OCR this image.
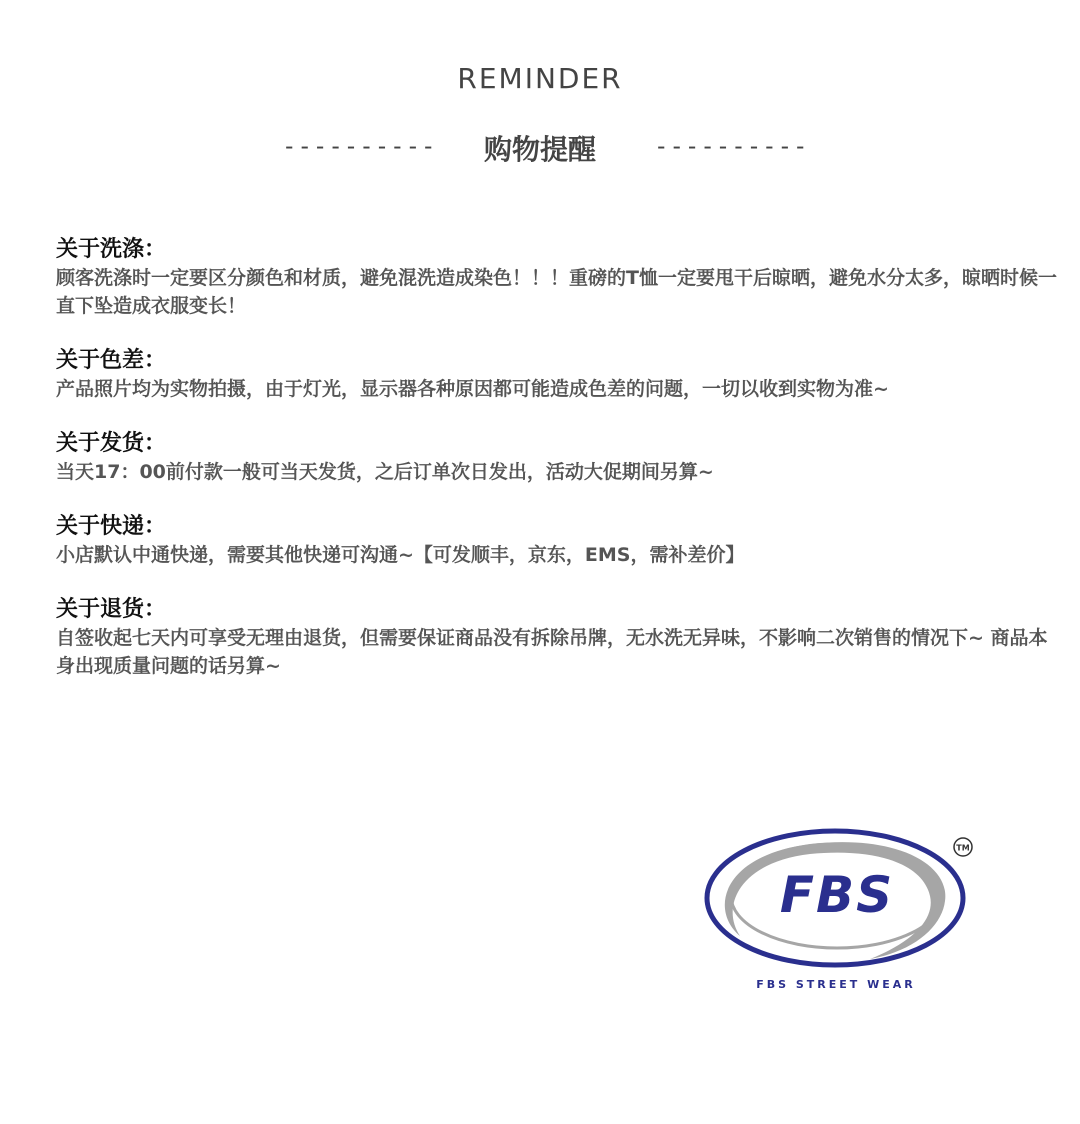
REMINDER
----------	购物提醒	----------
关于洗涤：
顾客洗涤时一定要区分颜色和材质，避免混洗造成染色！！！重磅的T恤一定要甩干后晾晒，避免水分太多，晾晒时候一直下坠造成衣服变长！
关于色差：
产品照片均为实物拍摄，由于灯光，显示器各种原因都可能造成色差的问题，一切以收到实物为准~
关于发货：
当天17：00前付款一般可当天发货，之后订单次日发出，活动大促期间另算~
关于快递：
小店默认中通快递，需要其他快递可沟通~【可发顺丰，京东，EMS，需补差价】
关于退货：
自签收起七天内可享受无理由退货，但需要保证商品没有拆除吊牌，无水洗无异味，不影响二次销售的情况下~ 商品本身出现质量问题的话另算~
FBS
TM
FBS STREET WEAR
